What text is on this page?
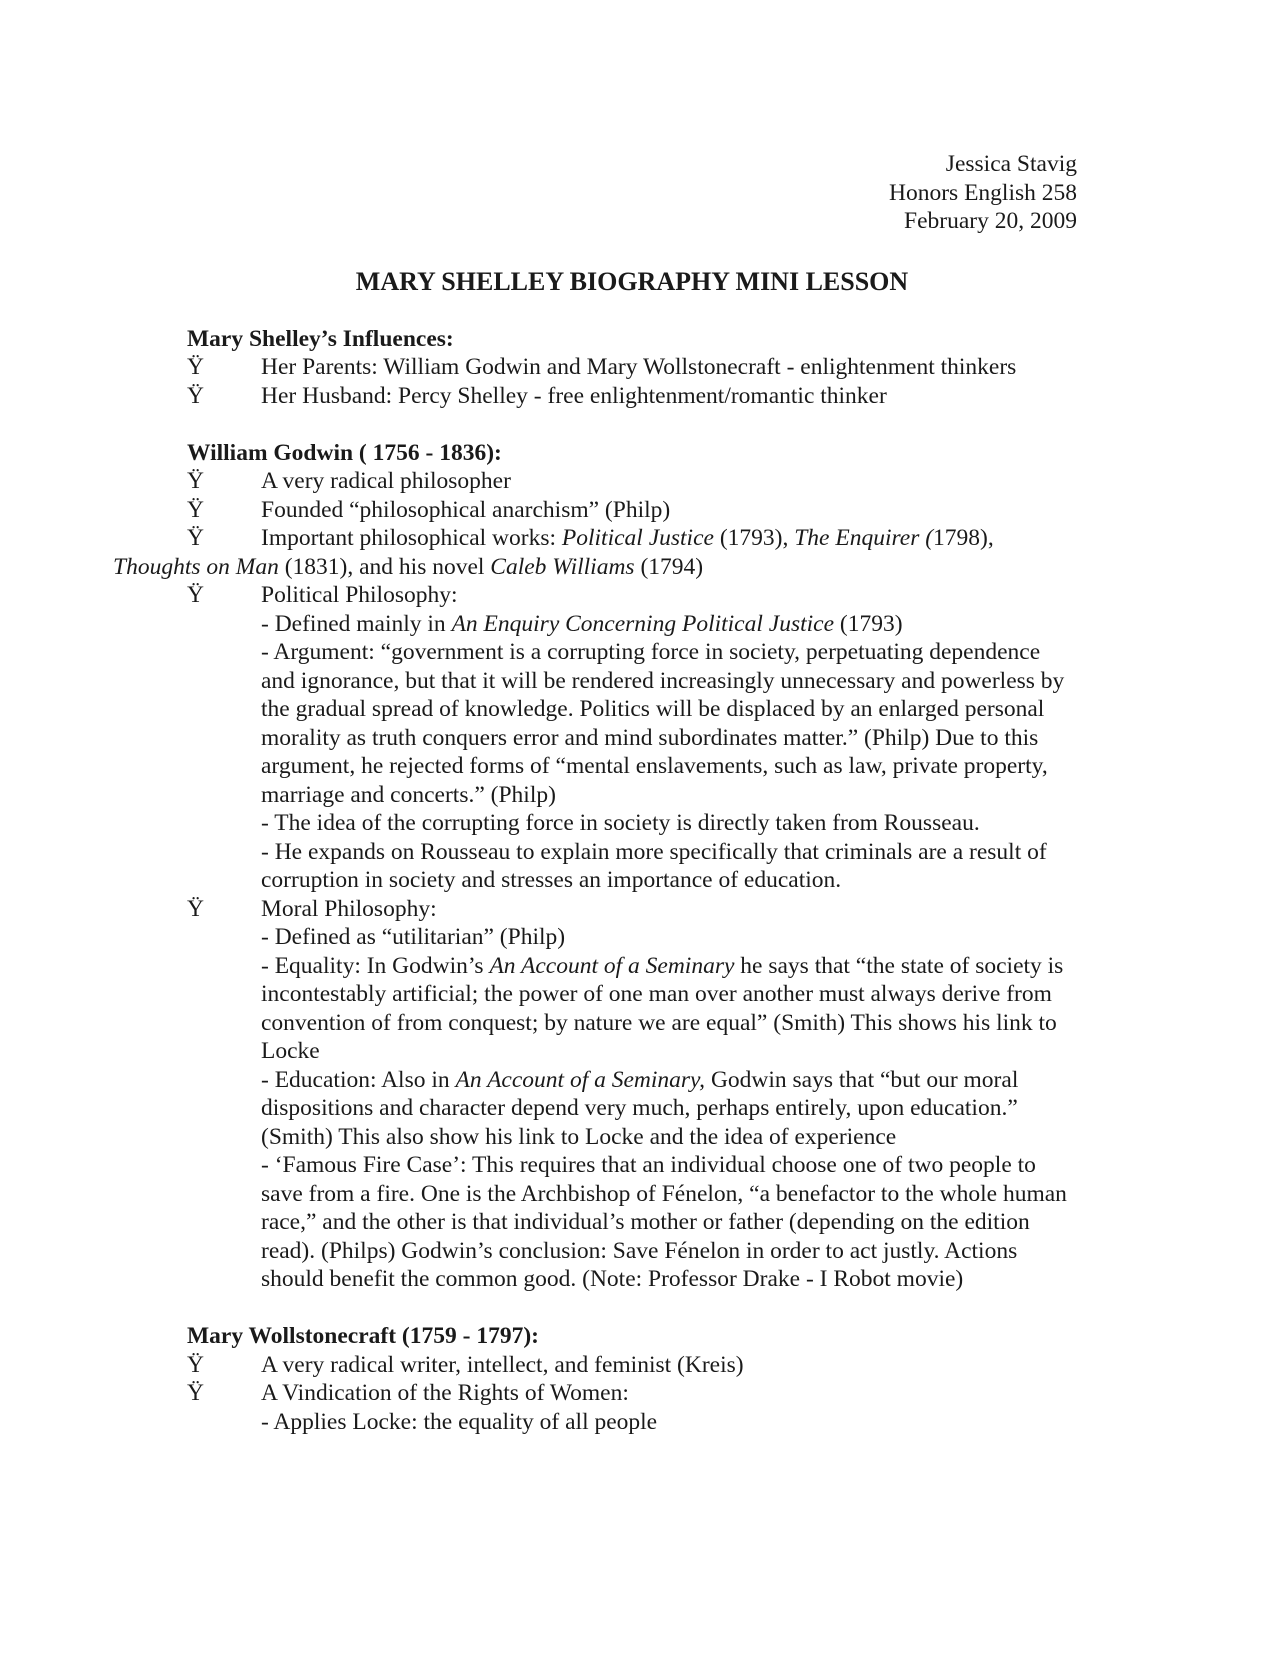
Jessica Stavig
Honors English 258
February 20, 2009
MARY SHELLEY BIOGRAPHY MINI LESSON
Mary Shelley’s Influences:
Ÿ Her Parents: William Godwin and Mary Wollstonecraft - enlightenment thinkers
Ÿ Her Husband: Percy Shelley - free enlightenment/romantic thinker
William Godwin ( 1756 - 1836):
Ÿ A very radical philosopher
Ÿ Founded “philosophical anarchism” (Philp)
Ÿ	Important philosophical works: Political Justice (1793), The Enquirer (1798),
Thoughts on Man (1831), and his novel Caleb Williams (1794)
Ÿ Political Philosophy:
- Defined mainly in An Enquiry Concerning Political Justice (1793)
- Argument: “government is a corrupting force in society, perpetuating dependence and ignorance, but that it will be rendered increasingly unnecessary and powerless by the gradual spread of knowledge. Politics will be displaced by an enlarged personal morality as truth conquers error and mind subordinates matter.” (Philp) Due to this argument, he rejected forms of “mental enslavements, such as law, private property, marriage and concerts.” (Philp)
- The idea of the corrupting force in society is directly taken from Rousseau.
- He expands on Rousseau to explain more specifically that criminals are a result of corruption in society and stresses an importance of education.
Ÿ Moral Philosophy:
- Defined as “utilitarian” (Philp)
- Equality: In Godwin’s An Account of a Seminary he says that “the state of society is incontestably artificial; the power of one man over another must always derive from convention of from conquest; by nature we are equal” (Smith) This shows his link to Locke
- Education: Also in An Account of a Seminary, Godwin says that “but our moral dispositions and character depend very much, perhaps entirely, upon education.” (Smith) This also show his link to Locke and the idea of experience
- ‘Famous Fire Case’: This requires that an individual choose one of two people to save from a fire. One is the Archbishop of Fénelon, “a benefactor to the whole human race,” and the other is that individual’s mother or father (depending on the edition read). (Philps) Godwin’s conclusion: Save Fénelon in order to act justly. Actions should benefit the common good. (Note: Professor Drake - I Robot movie)
Mary Wollstonecraft (1759 - 1797):
Ÿ A very radical writer, intellect, and feminist (Kreis)
Ÿ A Vindication of the Rights of Women:
- Applies Locke: the equality of all people
